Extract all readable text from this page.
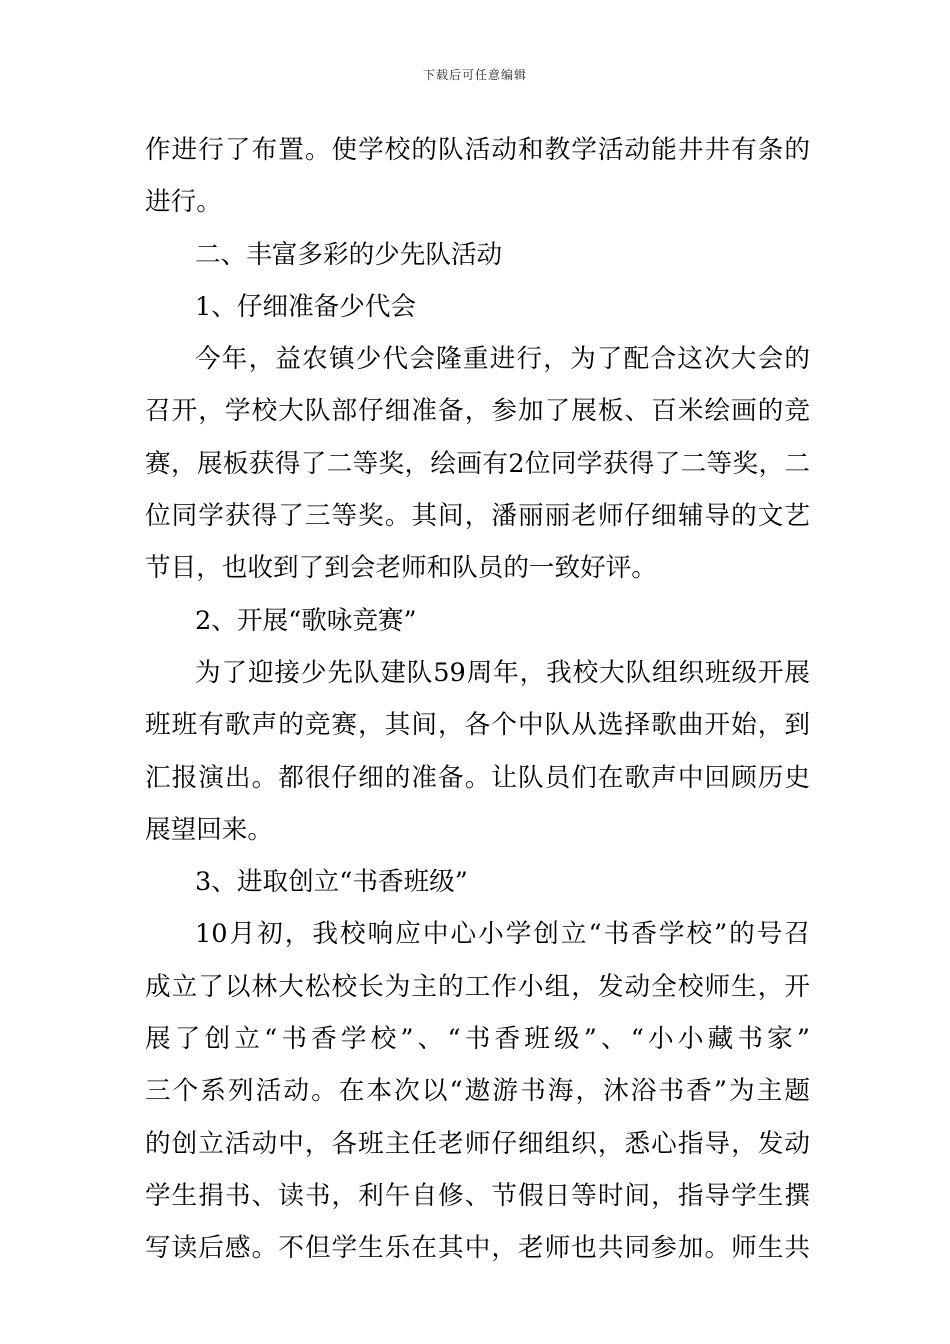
下载后可任意编辑
作进行了布置。使学校的队活动和教学活动能井井有条的
进行。
二、丰富多彩的少先队活动
1、仔细准备少代会
今年，益农镇少代会隆重进行，为了配合这次大会的
召开，学校大队部仔细准备，参加了展板、百米绘画的竞
赛，展板获得了二等奖，绘画有2位同学获得了二等奖，二
位同学获得了三等奖。其间，潘丽丽老师仔细辅导的文艺
节目，也收到了到会老师和队员的一致好评。
2、开展“歌咏竞赛”
为了迎接少先队建队59周年，我校大队组织班级开展
班班有歌声的竞赛，其间，各个中队从选择歌曲开始，到
汇报演出。都很仔细的准备。让队员们在歌声中回顾历史
展望回来。
3、进取创立“书香班级”
10月初，我校响应中心小学创立“书香学校”的号召
成立了以林大松校长为主的工作小组，发动全校师生，开
展了创立“书香学校”、“书香班级”、“小小藏书家”
三个系列活动。在本次以“遨游书海，沐浴书香”为主题
的创立活动中，各班主任老师仔细组织，悉心指导，发动
学生捐书、读书，利午自修、节假日等时间，指导学生撰
写读后感。不但学生乐在其中，老师也共同参加。师生共
